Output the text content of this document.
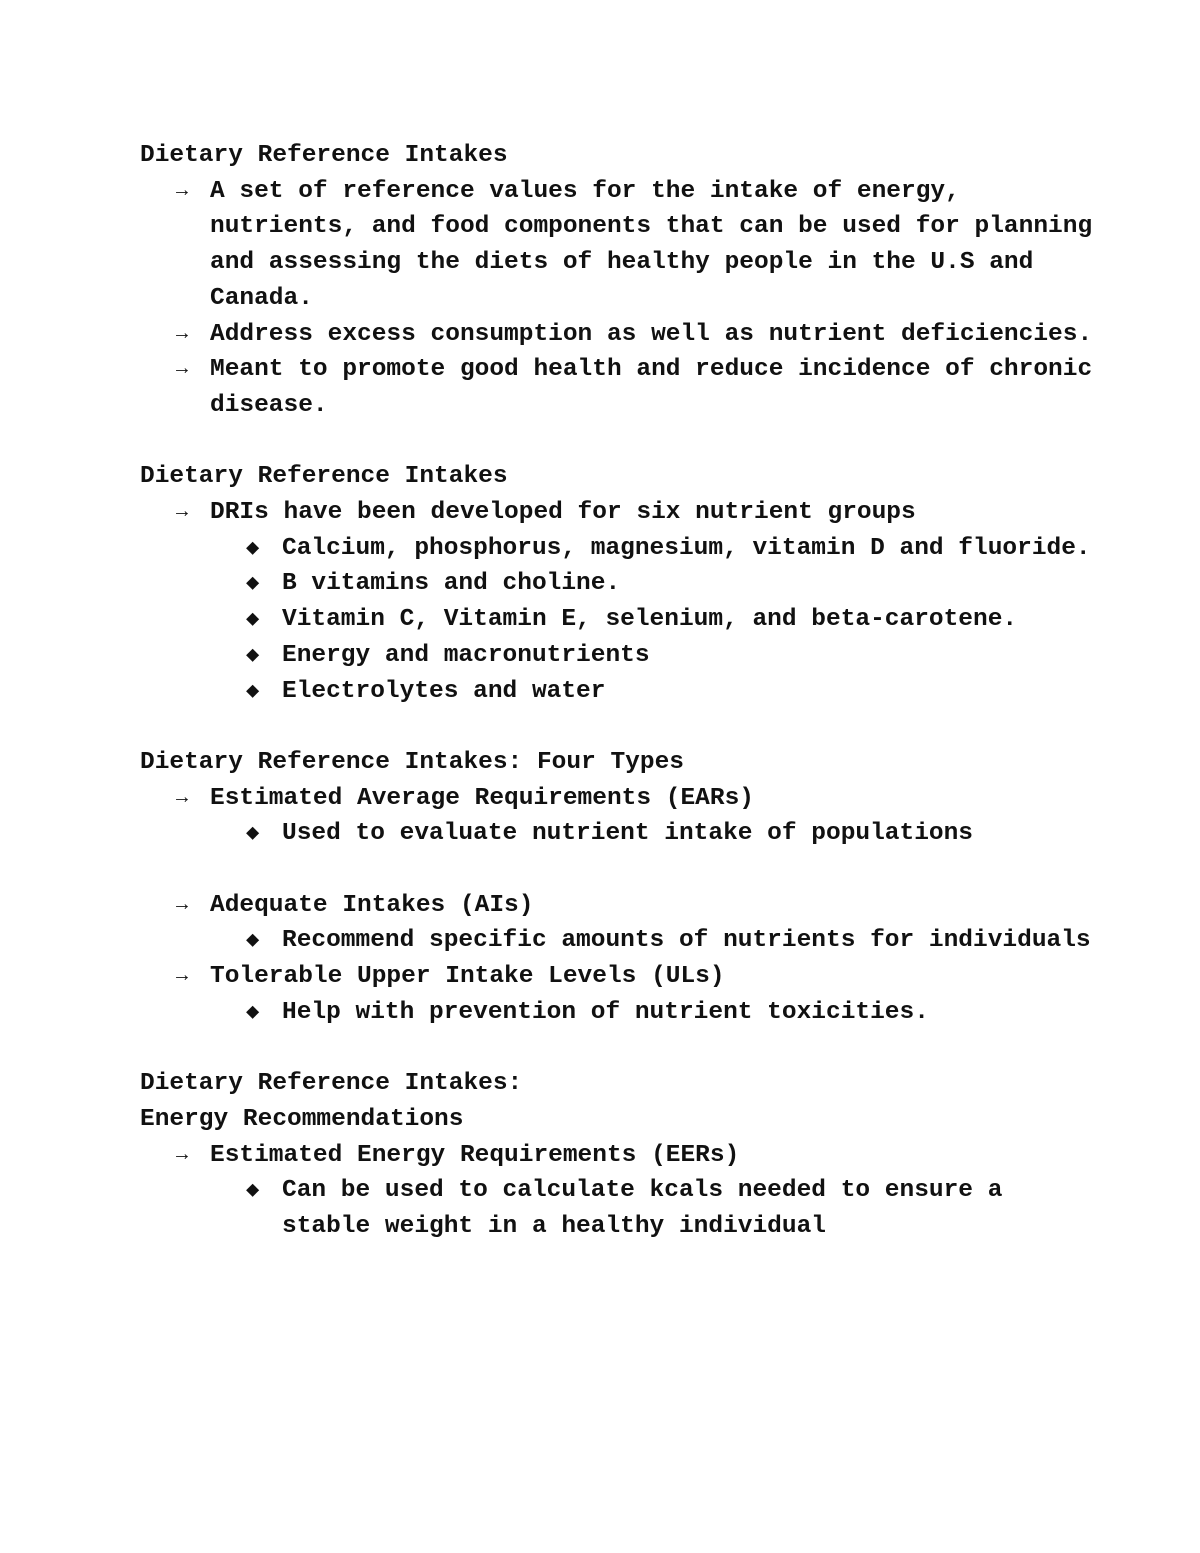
Dietary Reference Intakes
→ A set of reference values for the intake of energy, nutrients, and food components that can be used for planning and assessing the diets of healthy people in the U.S and Canada.
→ Address excess consumption as well as nutrient deficiencies.
→ Meant to promote good health and reduce incidence of chronic disease.
Dietary Reference Intakes
→ DRIs have been developed for six nutrient groups
◆ Calcium, phosphorus, magnesium, vitamin D and fluoride.
◆ B vitamins and choline.
◆ Vitamin C, Vitamin E, selenium, and beta-carotene.
◆ Energy and macronutrients
◆ Electrolytes and water
Dietary Reference Intakes: Four Types
→ Estimated Average Requirements (EARs)
◆ Used to evaluate nutrient intake of populations
→ Adequate Intakes (AIs)
◆ Recommend specific amounts of nutrients for individuals
→ Tolerable Upper Intake Levels (ULs)
◆ Help with prevention of nutrient toxicities.
Dietary Reference Intakes:
Energy Recommendations
→ Estimated Energy Requirements (EERs)
◆ Can be used to calculate kcals needed to ensure a stable weight in a healthy individual
